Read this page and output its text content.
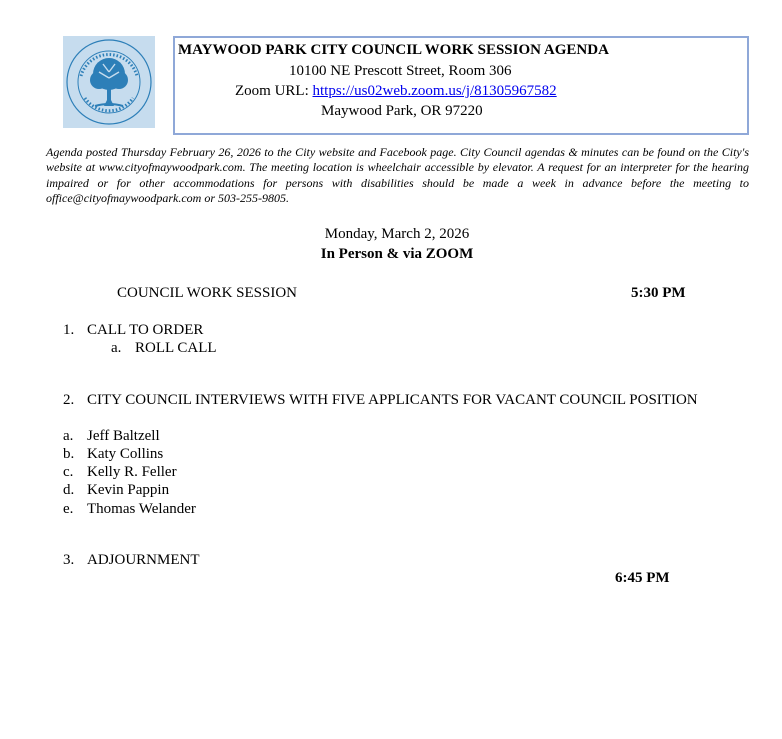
MAYWOOD PARK CITY COUNCIL WORK SESSION AGENDA
10100 NE Prescott Street, Room 306
Zoom URL: https://us02web.zoom.us/j/81305967582
Maywood Park, OR 97220
Agenda posted Thursday February 26, 2026 to the City website and Facebook page. City Council agendas & minutes can be found on the City's website at www.cityofmaywoodpark.com. The meeting location is wheelchair accessible by elevator. A request for an interpreter for the hearing impaired or for other accommodations for persons with disabilities should be made a week in advance before the meeting to office@cityofmaywoodpark.com or 503-255-9805.
Monday, March 2, 2026
In Person & via ZOOM
COUNCIL WORK SESSION	5:30 PM
1. CALL TO ORDER
a. ROLL CALL
2. CITY COUNCIL INTERVIEWS WITH FIVE APPLICANTS FOR VACANT COUNCIL POSITION
a. Jeff Baltzell
b. Katy Collins
c. Kelly R. Feller
d. Kevin Pappin
e. Thomas Welander
3. ADJOURNMENT
6:45 PM
